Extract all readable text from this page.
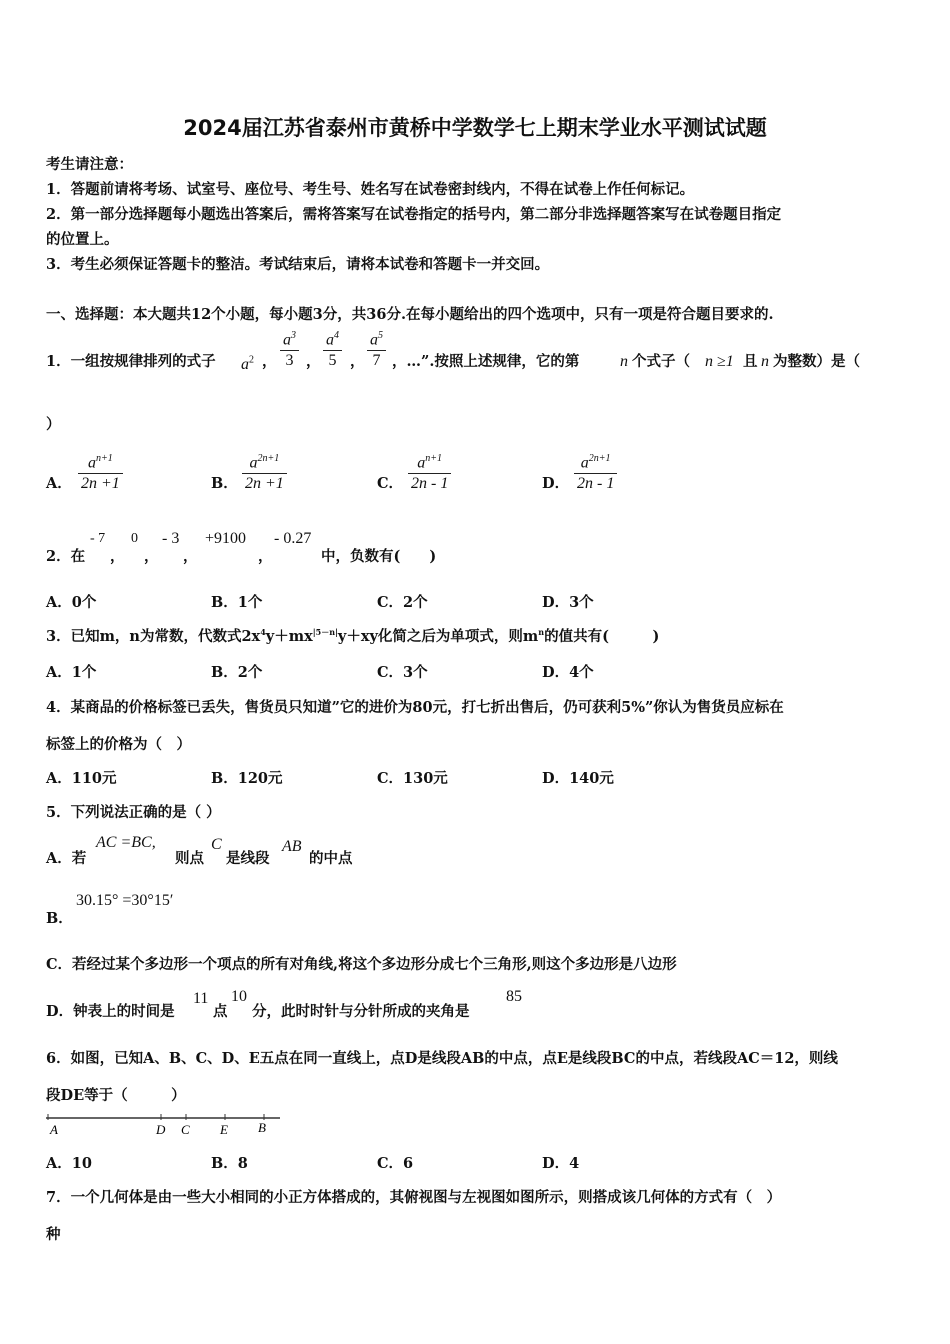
2024届江苏省泰州市黄桥中学数学七上期末学业水平测试试题
考生请注意：
1．答题前请将考场、试室号、座位号、考生号、姓名写在试卷密封线内，不得在试卷上作任何标记。
2．第一部分选择题每小题选出答案后，需将答案写在试卷指定的括号内，第二部分非选择题答案写在试卷题目指定
的位置上。
3．考生必须保证答题卡的整洁。考试结束后，请将本试卷和答题卡一并交回。
一、选择题：本大题共12个小题，每小题3分，共36分.在每小题给出的四个选项中，只有一项是符合题目要求的.
1．一组按规律排列的式子 $a^2$ ， $\frac{a^3}{3}$ ， $\frac{a^4}{5}$ ， $\frac{a^5}{7}$ ，…”.按照上述规律，它的第	n 个式子（ n ≥1 且 n 为整数）是（
）
A． $\frac{a^{n+1}}{2n +1}$	B． $\frac{a^{2n+1}}{2n +1}$	C． $\frac{a^{n+1}}{2n - 1}$	D． $\frac{a^{2n+1}}{2n - 1}$
2．在
- 7
，
0
，
- 3
，
+9100
，
- 0.27
中，负数有(　　)
A．0个	B．1个	C．2个	D．3个
3．已知m，n为常数，代数式$2x^4y+mx^{|5-n|}y+xy$化简之后为单项式，则$m^n$的值共有(　　　)
A．1个	B．2个	C．3个	D．4个
4．某商品的价格标签已丢失，售货员只知道”它的进价为80元，打七折出售后，仍可获利5%”你认为售货员应标在
标签上的价格为（　）
A．110元	B．120元	C．130元	D．140元
5．下列说法正确的是（ ）
A．若
AC =BC,
则点
C
是线段
AB
的中点
B．
30.15° =30°15′
C．若经过某个多边形一个项点的所有对角线,将这个多边形分成七个三角形,则这个多边形是八边形
D．钟表上的时间是
11
点
10
分，此时时针与分针所成的夹角是
85
6．如图，已知A、B、C、D、E五点在同一直线上，点D是线段AB的中点，点E是线段BC的中点，若线段AC＝12，则线
段DE等于（　　　）
A	D C E B
A．10	B．8	C．6	D．4
7．一个几何体是由一些大小相同的小正方体搭成的，其俯视图与左视图如图所示，则搭成该几何体的方式有（　）
种
